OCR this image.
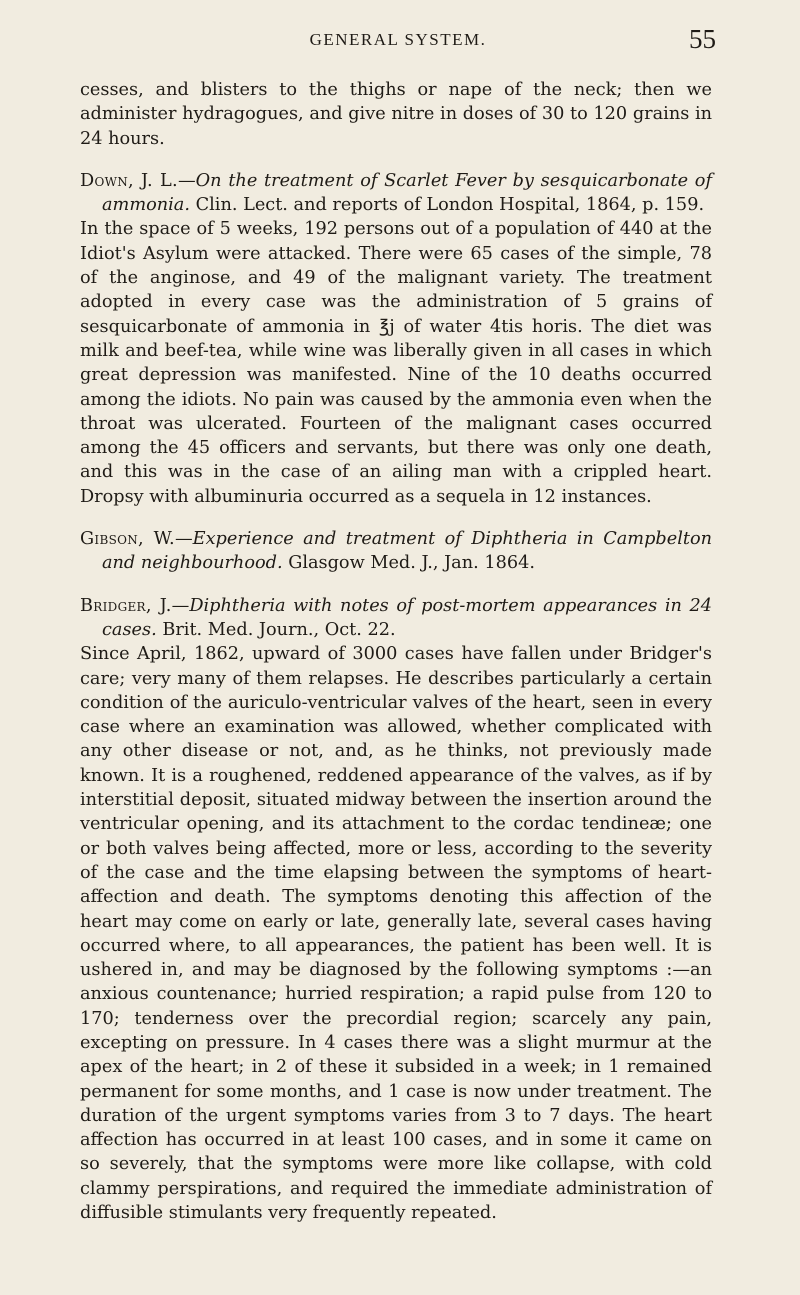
GENERAL SYSTEM.	55

cesses, and blisters to the thighs or nape of the neck; then we administer hydragogues, and give nitre in doses of 30 to 120 grains in 24 hours.

Down, J. L.—On the treatment of Scarlet Fever by sesquicarbonate of ammonia. Clin. Lect. and reports of London Hospital, 1864, p. 159.

In the space of 5 weeks, 192 persons out of a population of 440 at the Idiot's Asylum were attacked. There were 65 cases of the simple, 78 of the anginose, and 49 of the malignant variety. The treatment adopted in every case was the administration of 5 grains of sesquicarbonate of ammonia in ℥j of water 4tis horis. The diet was milk and beef-tea, while wine was liberally given in all cases in which great depression was manifested. Nine of the 10 deaths occurred among the idiots. No pain was caused by the ammonia even when the throat was ulcerated. Fourteen of the malignant cases occurred among the 45 officers and servants, but there was only one death, and this was in the case of an ailing man with a crippled heart. Dropsy with albuminuria occurred as a sequela in 12 instances.

Gibson, W.—Experience and treatment of Diphtheria in Campbelton and neighbourhood. Glasgow Med. J., Jan. 1864.

Bridger, J.—Diphtheria with notes of post-mortem appearances in 24 cases. Brit. Med. Journ., Oct. 22.

Since April, 1862, upward of 3000 cases have fallen under Bridger's care; very many of them relapses. He describes particularly a certain condition of the auriculo-ventricular valves of the heart, seen in every case where an examination was allowed, whether complicated with any other disease or not, and, as he thinks, not previously made known. It is a roughened, reddened appearance of the valves, as if by interstitial deposit, situated midway between the insertion around the ventricular opening, and its attachment to the cordac tendineæ; one or both valves being affected, more or less, according to the severity of the case and the time elapsing between the symptoms of heart-affection and death. The symptoms denoting this affection of the heart may come on early or late, generally late, several cases having occurred where, to all appearances, the patient has been well. It is ushered in, and may be diagnosed by the following symptoms :—an anxious countenance; hurried respiration; a rapid pulse from 120 to 170; tenderness over the precordial region; scarcely any pain, excepting on pressure. In 4 cases there was a slight murmur at the apex of the heart; in 2 of these it subsided in a week; in 1 remained permanent for some months, and 1 case is now under treatment. The duration of the urgent symptoms varies from 3 to 7 days. The heart affection has occurred in at least 100 cases, and in some it came on so severely, that the symptoms were more like collapse, with cold clammy perspirations, and required the immediate administration of diffusible stimulants very frequently repeated.
